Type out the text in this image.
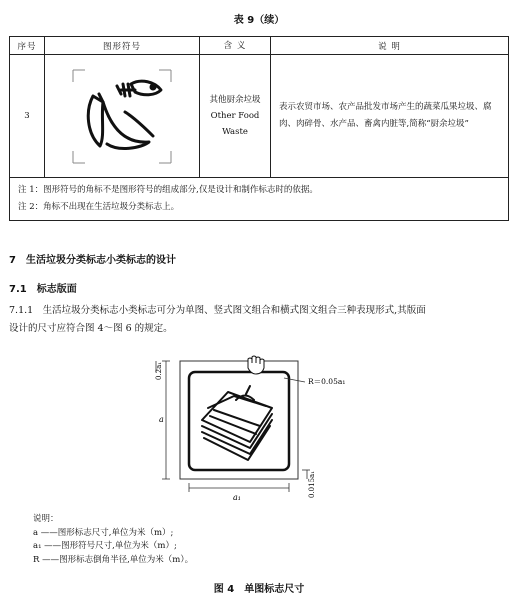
表 9（续）
序号	图形符号	含 义	说 明
3		其他厨余垃圾
Other Food
Waste	表示农贸市场、农产品批发市场产生的蔬菜瓜果垃圾、腐肉、肉碎骨、水产品、畜禽内脏等,简称“厨余垃圾”

注 1：图形符号的角标不是图形符号的组成部分,仅是设计和制作标志时的依据。
注 2：角标不出现在生活垃圾分类标志上。			
7　生活垃圾分类标志小类标志的设计
7.1　标志版面
7.1.1　生活垃圾分类标志小类标志可分为单图、竖式图文组合和横式图文组合三种表现形式,其版面
设计的尺寸应符合图 4～图 6 的规定。
R＝0.05a₁
a
a₁
0.2a₁
0.015a₁
说明：
a ——图形标志尺寸,单位为米（m）;
a₁ ——图形符号尺寸,单位为米（m）;
R ——图形标志倒角半径,单位为米（m）。
图 4　单图标志尺寸
